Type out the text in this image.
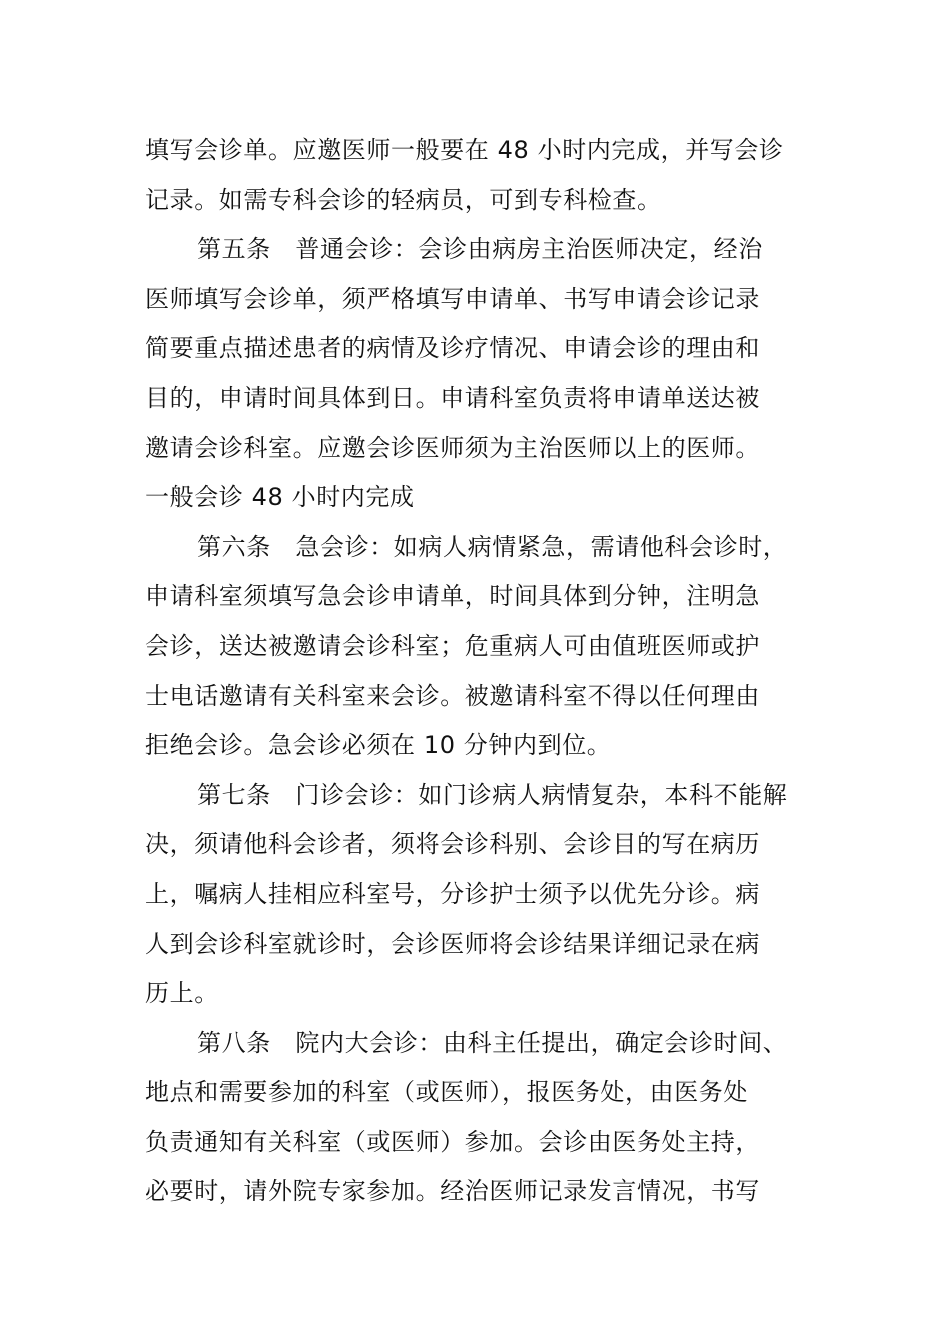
填写会诊单。应邀医师一般要在 48 小时内完成，并写会诊
记录。如需专科会诊的轻病员，可到专科检查。
第五条　普通会诊：会诊由病房主治医师决定，经治
医师填写会诊单，须严格填写申请单、书写申请会诊记录
简要重点描述患者的病情及诊疗情况、申请会诊的理由和
目的，申请时间具体到日。申请科室负责将申请单送达被
邀请会诊科室。应邀会诊医师须为主治医师以上的医师。
一般会诊 48 小时内完成
第六条　急会诊：如病人病情紧急，需请他科会诊时，
申请科室须填写急会诊申请单，时间具体到分钟，注明急
会诊，送达被邀请会诊科室；危重病人可由值班医师或护
士电话邀请有关科室来会诊。被邀请科室不得以任何理由
拒绝会诊。急会诊必须在 10 分钟内到位。
第七条　门诊会诊：如门诊病人病情复杂，本科不能解
决，须请他科会诊者，须将会诊科别、会诊目的写在病历
上，嘱病人挂相应科室号，分诊护士须予以优先分诊。病
人到会诊科室就诊时，会诊医师将会诊结果详细记录在病
历上。
第八条　院内大会诊：由科主任提出，确定会诊时间、
地点和需要参加的科室（或医师），报医务处，由医务处
负责通知有关科室（或医师）参加。会诊由医务处主持，
必要时，请外院专家参加。经治医师记录发言情况，书写
